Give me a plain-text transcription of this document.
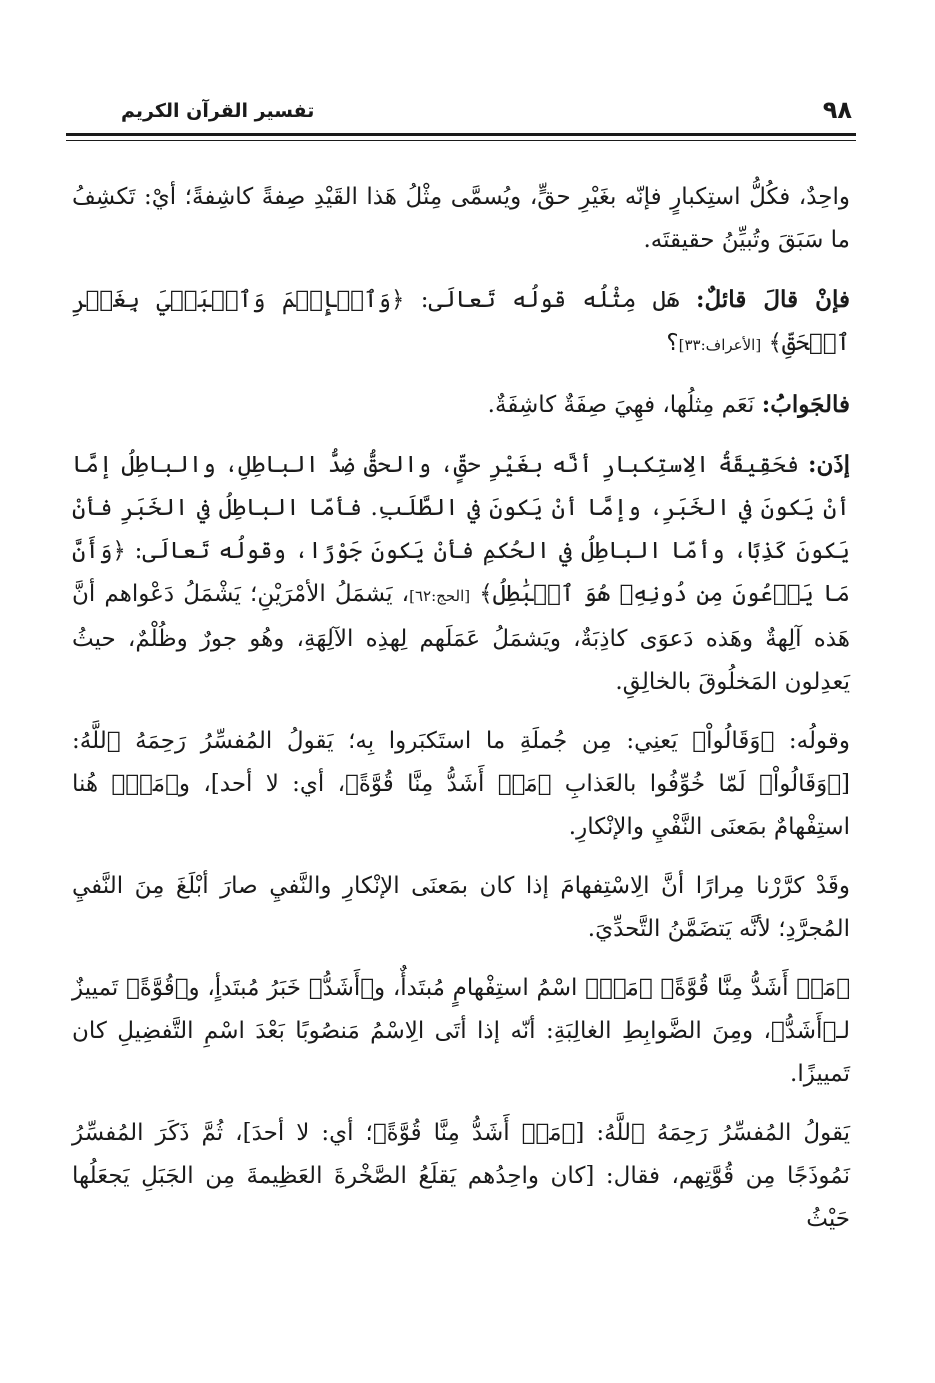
٩٨
تفسير القرآن الكريم

واحِدٌ، فكُلُّ استِكبارٍ فإنّه بغَيْرِ حقٍّ، ويُسمَّى مِثْلُ هَذا القَيْدِ صِفةً كاشِفةً؛ أيْ: تَكشِفُ ما سَبَقَ وتُبيِّنُ حقيقتَه.

فإنْ قالَ قائلٌ: هَل مِثْلُه قولُه تَعالَى: ﴿وَٱلۡإِثۡمَ وَٱلۡبَغۡيَ بِغَيۡرِ ٱلۡحَقِّ﴾ [الأعراف:٣٣]؟

فالجَوابُ: نَعَم مِثلُها، فهِيَ صِفَةٌ كاشِفَةٌ.

إذَن: فحَقِيقَةُ الِاستِكبارِ أنَّه بغَيْرِ حقٍّ، والحقُّ ضِدُّ الباطِلِ، والباطِلُ إمَّا أنْ يَكونَ في الخَبَرِ، وإمَّا أنْ يَكونَ في الطَّلَبِ. فأمّا الباطِلُ في الخَبَرِ فأنْ يَكونَ كَذِبًا، وأمّا الباطِلُ في الحُكمِ فأنْ يَكونَ جَوْرًا، وقولُه تَعالَى: ﴿وَأَنَّ مَا يَدۡعُونَ مِن دُونِهِۦ هُوَ ٱلۡبَٰطِلُ﴾ [الحج:٦٢]، يَشمَلُ الأمْرَيْنِ؛ يَشْمَلُ دَعْواهم أنَّ هَذه آلِهةٌ وهَذه دَعوَى كاذِبَةٌ، ويَشمَلُ عَمَلَهم لِهذِه الآلِهَةِ، وهُو جورٌ وظُلْمٌ، حيثُ يَعدِلون المَخلُوقَ بالخالِقِ.

وقولُه: ﴿وَقَالُواْ﴾ يَعنِي: مِن جُملَةِ ما استَكبَروا بِه؛ يَقولُ المُفسِّرُ رَحِمَهُ ٱللَّهُ: [﴿وَقَالُواْ﴾ لَمّا خُوِّفُوا بالعَذابِ ﴿مَنۡ أَشَدُّ مِنَّا قُوَّةً﴾، أي: لا أحد]، و﴿مَنۡ﴾ هُنا استِفْهامٌ بمَعنَى النَّفْيِ والإنْكارِ.

وقَدْ كرَّرْنا مِرارًا أنَّ الِاسْتِفهامَ إذا كان بمَعنَى الإنْكارِ والنَّفيِ صارَ أبْلَغَ مِنَ النَّفيِ المُجرَّدِ؛ لأنَّه يَتضَمَّنُ التَّحدِّيَ.

﴿مَنۡ أَشَدُّ مِنَّا قُوَّةً﴾ ﴿مَنۡ﴾ اسْمُ استِفْهامٍ مُبتَدأٌ، و﴿أَشَدُّ﴾ خَبَرُ مُبتَدأٍ، و﴿قُوَّةً﴾ تَمييزٌ لـ﴿أَشَدُّ﴾، ومِنَ الضَّوابِطِ الغالِبَةِ: أنّه إذا أتَى الِاسْمُ مَنصُوبًا بَعْدَ اسْمِ التَّفضِيلِ كان تَمييزًا.

يَقولُ المُفسِّرُ رَحِمَهُ ٱللَّهُ: [﴿مَنۡ أَشَدُّ مِنَّا قُوَّةً﴾؛ أي: لا أحدَ]، ثُمَّ ذَكَرَ المُفسِّرُ نَمُوذَجًا مِن قُوَّتِهم، فقال: [كان واحِدُهم يَقلَعُ الصَّخْرةَ العَظِيمةَ مِن الجَبَلِ يَجعَلُها حَيْثُ
